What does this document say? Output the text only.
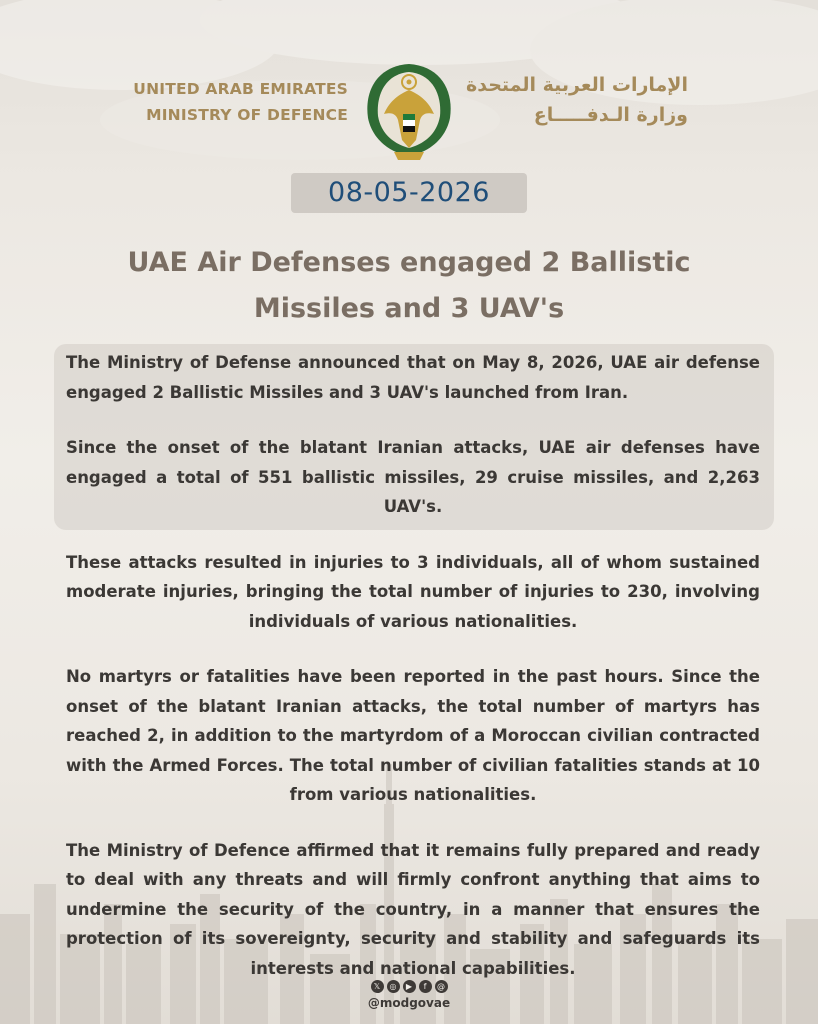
UNITED ARAB EMIRATES
MINISTRY OF DEFENCE
الإمارات العربية المتحدة
وزارة الـدفـــــاع
08-05-2026
UAE Air Defenses engaged 2 Ballistic
Missiles and 3 UAV's

The Ministry of Defense announced that on May 8, 2026, UAE air defense engaged 2 Ballistic Missiles and 3 UAV's launched from Iran.

Since the onset of the blatant Iranian attacks, UAE air defenses have engaged a total of 551 ballistic missiles, 29 cruise missiles, and 2,263 UAV's.

These attacks resulted in injuries to 3 individuals, all of whom sustained moderate injuries, bringing the total number of injuries to 230, involving individuals of various nationalities.

No martyrs or fatalities have been reported in the past hours. Since the onset of the blatant Iranian attacks, the total number of martyrs has reached 2, in addition to the martyrdom of a Moroccan civilian contracted with the Armed Forces. The total number of civilian fatalities stands at 10 from various nationalities.

The Ministry of Defence affirmed that it remains fully prepared and ready to deal with any threats and will firmly confront anything that aims to undermine the security of the country, in a manner that ensures the protection of its sovereignty, security and stability and safeguards its interests and national capabilities.

𝕏	◎	▶	f	@
@modgovae
